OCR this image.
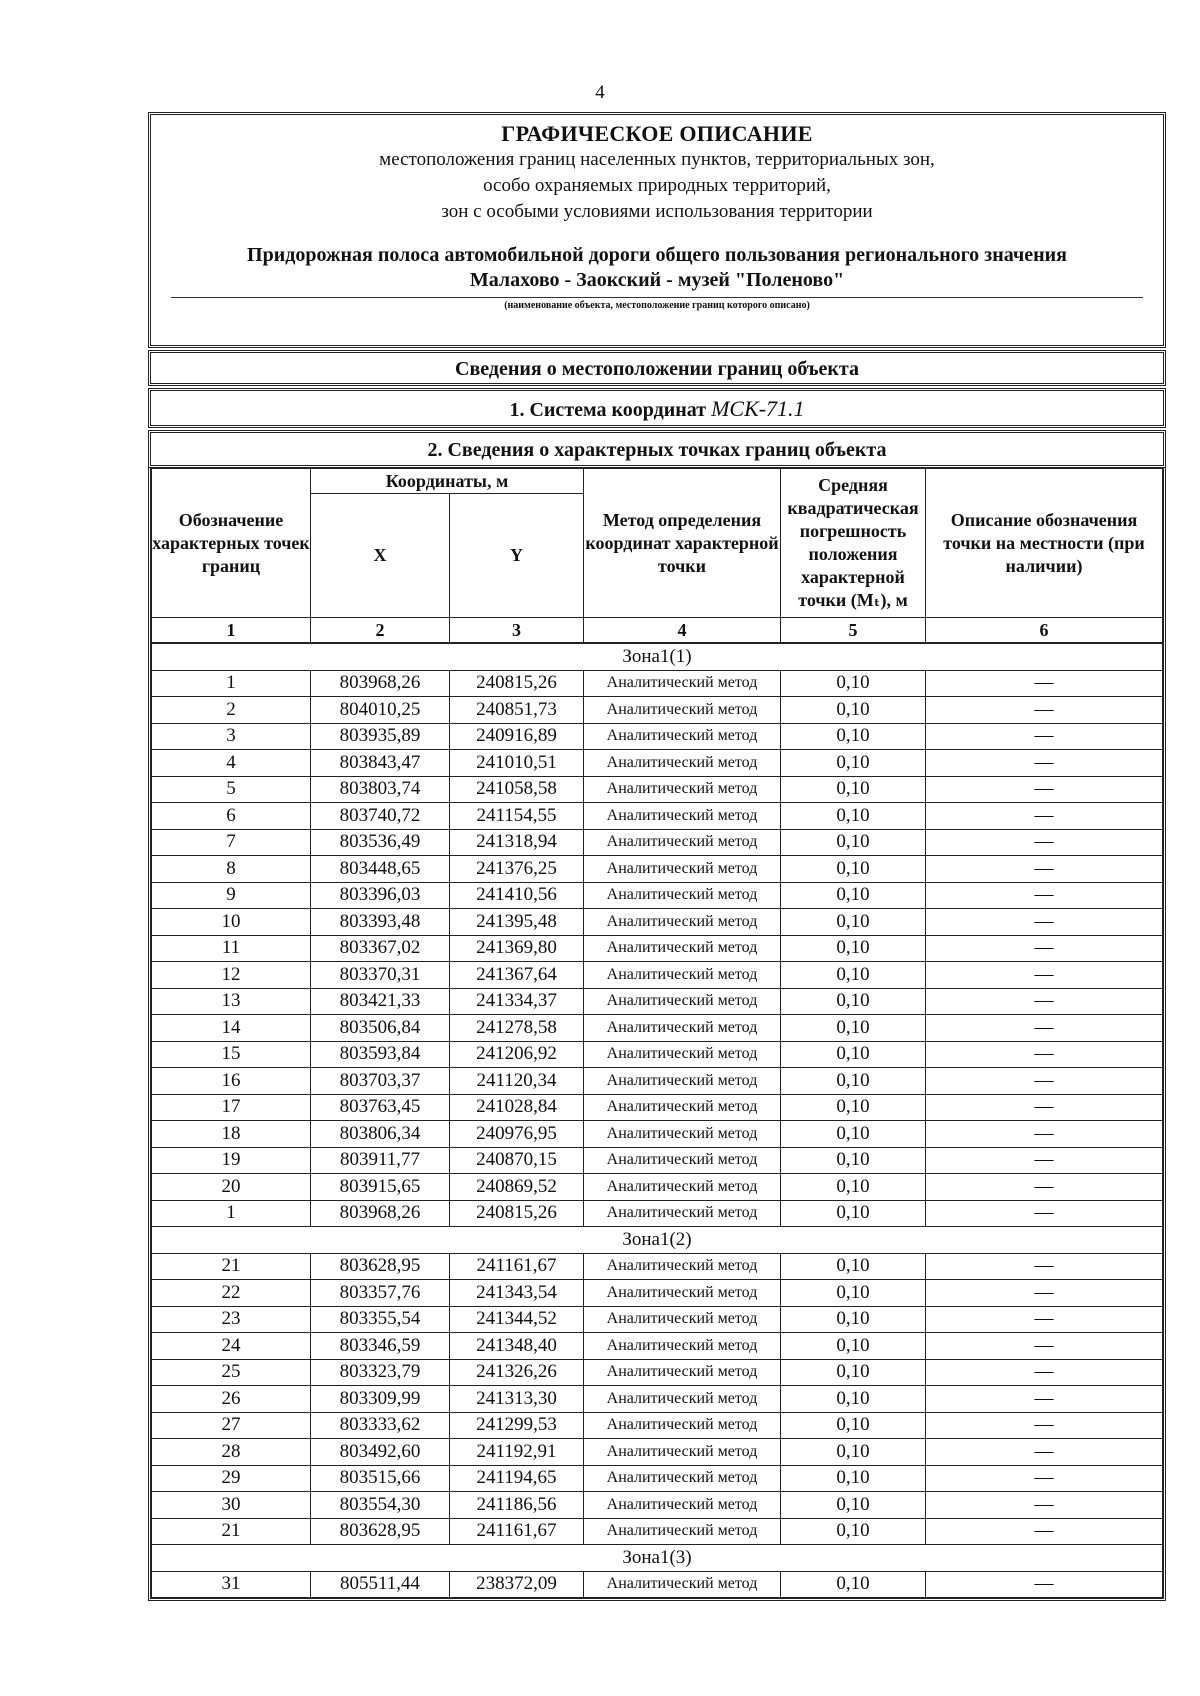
4
ГРАФИЧЕСКОЕ ОПИСАНИЕ
местоположения границ населенных пунктов, территориальных зон,
особо охраняемых природных территорий,
зон с особыми условиями использования территории
Придорожная полоса автомобильной дороги общего пользования регионального значения
Малахово - Заокский - музей "Поленово"
(наименование объекта, местоположение границ которого описано)
Сведения о местоположении границ объекта
1. Система координат МСК-71.1
2. Сведения о характерных точках границ объекта
Обозначение характерных точек границ	Координаты, м		Метод определения координат характерной точки	Средняя квадратическая погрешность положения характерной точки (Mₜ), м	Описание обозначения точки на местности (при наличии)
	X	Y			
1	2	3	4	5	6
Зона1(1)					
1	803968,26	240815,26	Аналитический метод	0,10	—
2	804010,25	240851,73	Аналитический метод	0,10	—
3	803935,89	240916,89	Аналитический метод	0,10	—
4	803843,47	241010,51	Аналитический метод	0,10	—
5	803803,74	241058,58	Аналитический метод	0,10	—
6	803740,72	241154,55	Аналитический метод	0,10	—
7	803536,49	241318,94	Аналитический метод	0,10	—
8	803448,65	241376,25	Аналитический метод	0,10	—
9	803396,03	241410,56	Аналитический метод	0,10	—
10	803393,48	241395,48	Аналитический метод	0,10	—
11	803367,02	241369,80	Аналитический метод	0,10	—
12	803370,31	241367,64	Аналитический метод	0,10	—
13	803421,33	241334,37	Аналитический метод	0,10	—
14	803506,84	241278,58	Аналитический метод	0,10	—
15	803593,84	241206,92	Аналитический метод	0,10	—
16	803703,37	241120,34	Аналитический метод	0,10	—
17	803763,45	241028,84	Аналитический метод	0,10	—
18	803806,34	240976,95	Аналитический метод	0,10	—
19	803911,77	240870,15	Аналитический метод	0,10	—
20	803915,65	240869,52	Аналитический метод	0,10	—
1	803968,26	240815,26	Аналитический метод	0,10	—
Зона1(2)					
21	803628,95	241161,67	Аналитический метод	0,10	—
22	803357,76	241343,54	Аналитический метод	0,10	—
23	803355,54	241344,52	Аналитический метод	0,10	—
24	803346,59	241348,40	Аналитический метод	0,10	—
25	803323,79	241326,26	Аналитический метод	0,10	—
26	803309,99	241313,30	Аналитический метод	0,10	—
27	803333,62	241299,53	Аналитический метод	0,10	—
28	803492,60	241192,91	Аналитический метод	0,10	—
29	803515,66	241194,65	Аналитический метод	0,10	—
30	803554,30	241186,56	Аналитический метод	0,10	—
21	803628,95	241161,67	Аналитический метод	0,10	—
Зона1(3)					
31	805511,44	238372,09	Аналитический метод	0,10	—
